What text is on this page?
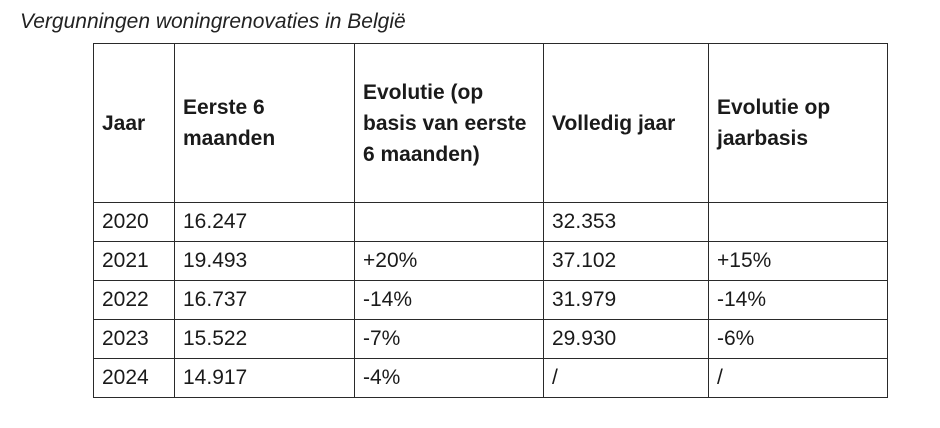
Vergunningen woningrenovaties in België
Jaar	Eerste 6 maanden	Evolutie (op basis van eerste 6 maanden)	Volledig jaar	Evolutie op jaarbasis
2020	16.247		32.353	
2021	19.493	+20%	37.102	+15%
2022	16.737	-14%	31.979	-14%
2023	15.522	-7%	29.930	-6%
2024	14.917	-4%	/	/
